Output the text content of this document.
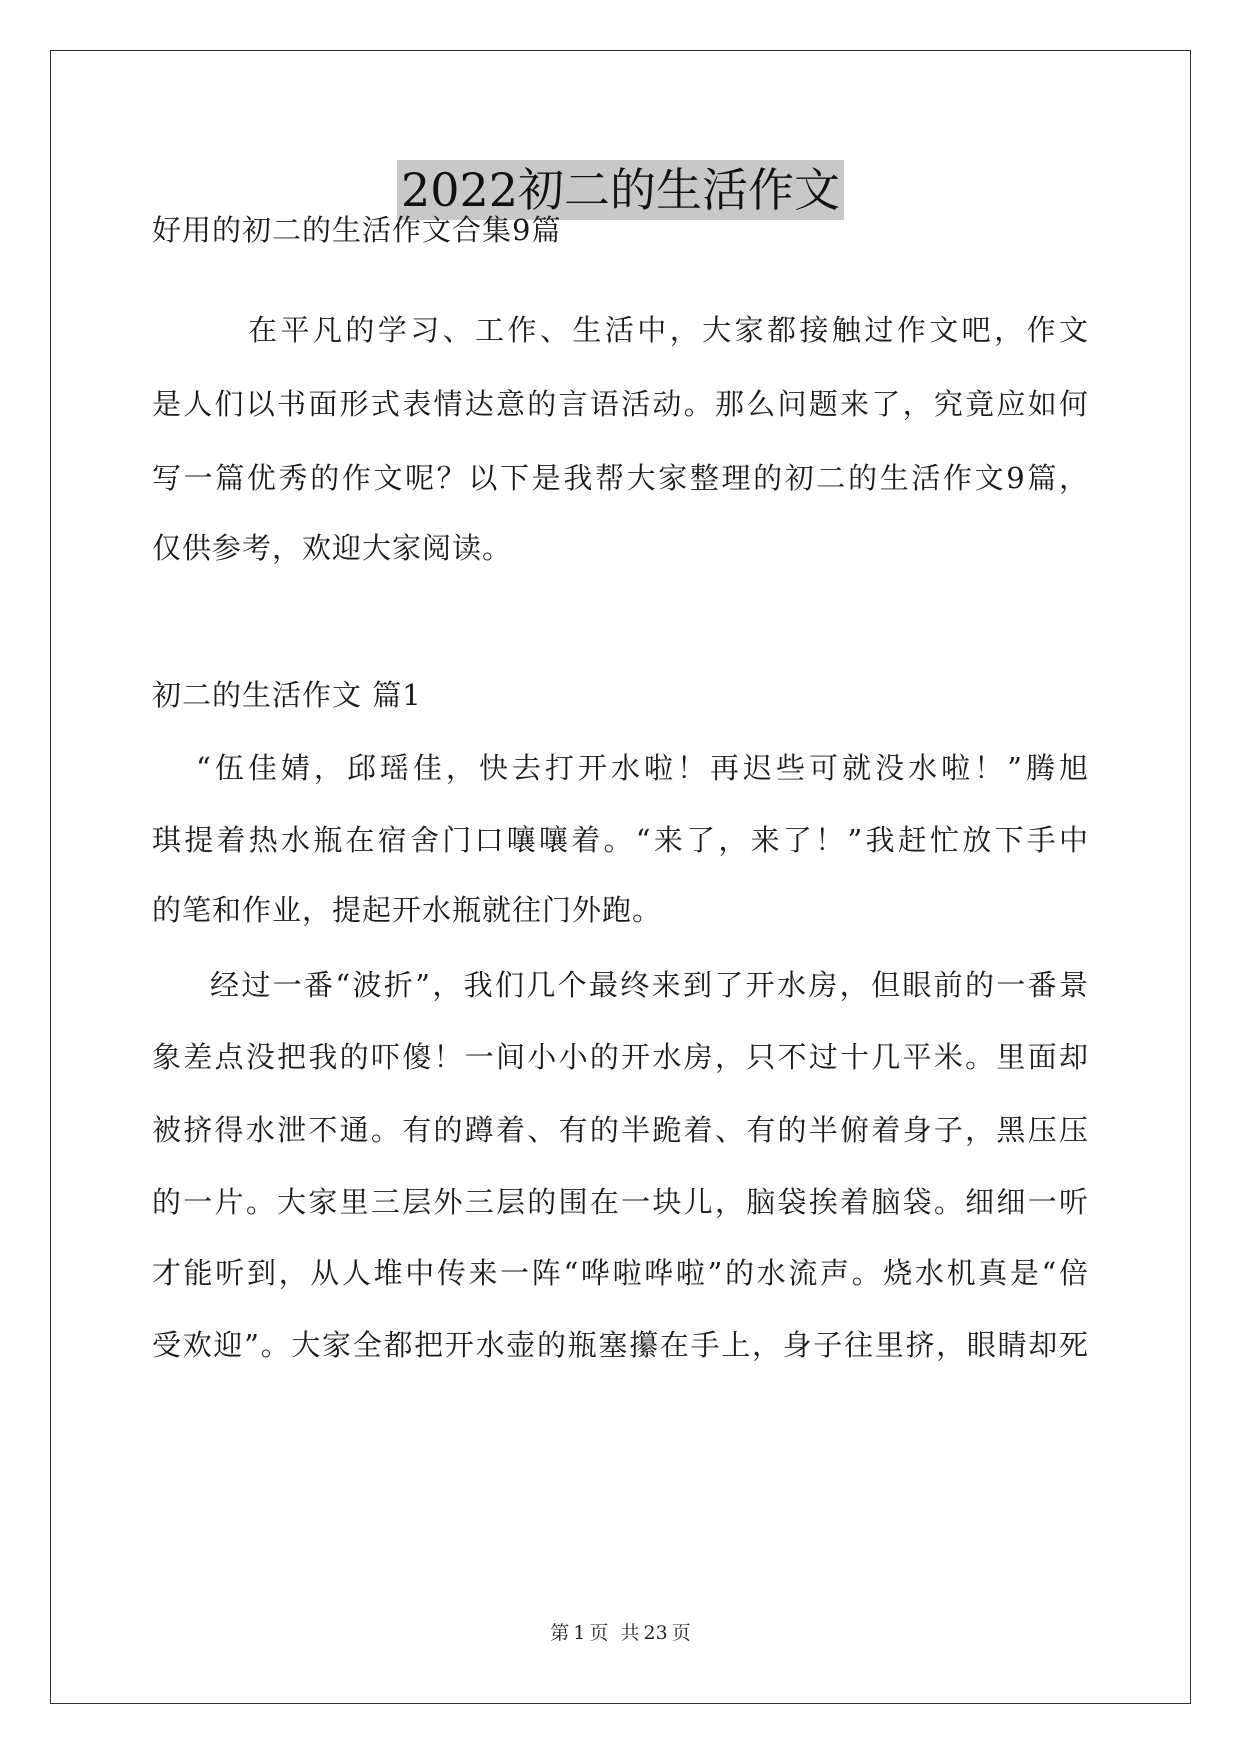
2022初二的生活作文
好用的初二的生活作文合集9篇
在平凡的学习、工作、生活中，大家都接触过作文吧，作文
是人们以书面形式表情达意的言语活动。那么问题来了，究竟应如何
写一篇优秀的作文呢？以下是我帮大家整理的初二的生活作文9篇，
仅供参考，欢迎大家阅读。
初二的生活作文 篇1
“伍佳婧，邱瑶佳，快去打开水啦！再迟些可就没水啦！”腾旭
琪提着热水瓶在宿舍门口嚷嚷着。“来了，来了！”我赶忙放下手中
的笔和作业，提起开水瓶就往门外跑。
经过一番“波折”，我们几个最终来到了开水房，但眼前的一番景
象差点没把我的吓傻！一间小小的开水房，只不过十几平米。里面却
被挤得水泄不通。有的蹲着、有的半跪着、有的半俯着身子，黑压压
的一片。大家里三层外三层的围在一块儿，脑袋挨着脑袋。细细一听
才能听到，从人堆中传来一阵“哗啦哗啦”的水流声。烧水机真是“倍
受欢迎”。大家全都把开水壶的瓶塞攥在手上，身子往里挤，眼睛却死
第 1 页  共 23 页
